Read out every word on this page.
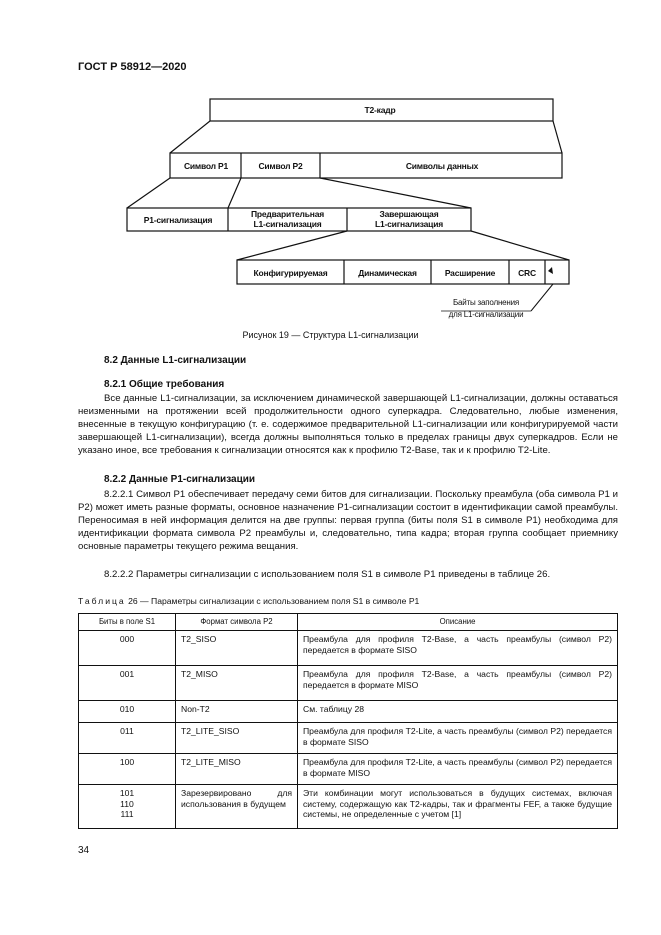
ГОСТ Р 58912—2020
Т2-кадр
Символ Р1	Символ Р2	Символы данных
Р1-сигнализация
Предварительная
L1-сигнализация
Завершающая
L1-сигнализация
Конфигурируемая	Динамическая	Расширение	CRC
Байты заполнения
для L1-сигнализации
Рисунок 19 — Структура L1-сигнализации
8.2 Данные L1-сигнализации
8.2.1 Общие требования
Все данные L1-сигнализации, за исключением динамической завершающей L1-сигнализации, должны оставаться неизменными на протяжении всей продолжительности одного суперкадра. Следовательно, любые изменения, внесенные в текущую конфигурацию (т. е. содержимое предварительной L1-сигнализации или конфигурируемой части завершающей L1-сигнализации), всегда должны выполняться только в пределах границы двух суперкадров. Если не указано иное, все требования к сигнализации относятся как к профилю T2-Base, так и к профилю T2-Lite.
8.2.2 Данные Р1-сигнализации
8.2.2.1 Символ Р1 обеспечивает передачу семи битов для сигнализации. Поскольку преамбула (оба символа Р1 и Р2) может иметь разные форматы, основное назначение Р1-сигнализации состоит в идентификации самой преамбулы. Переносимая в ней информация делится на две группы: первая группа (биты поля S1 в символе Р1) необходима для идентификации формата символа Р2 преамбулы и, следовательно, типа кадра; вторая группа сообщает приемнику основные параметры текущего режима вещания.
8.2.2.2 Параметры сигнализации с использованием поля S1 в символе Р1 приведены в таблице 26.
Таблица 26 — Параметры сигнализации с использованием поля S1 в символе Р1
Биты в поле S1	Формат символа Р2	Описание
000	T2_SISO	Преамбула для профиля T2-Base, а часть преамбулы (символ Р2) передается в формате SISO
001	T2_MISO	Преамбула для профиля T2-Base, а часть преамбулы (символ Р2) передается в формате MISO
010	Non-T2	См. таблицу 28
011	T2_LITE_SISO	Преамбула для профиля T2-Lite, а часть преамбулы (символ Р2) передается в формате SISO
100	T2_LITE_MISO	Преамбула для профиля T2-Lite, а часть преамбулы (символ Р2) передается в формате MISO
101
110
111	Зарезервировано для использования в будущем	Эти комбинации могут использоваться в будущих системах, включая систему, содержащую как Т2-кадры, так и фрагменты FEF, а также будущие системы, не определенные с учетом [1]
34
